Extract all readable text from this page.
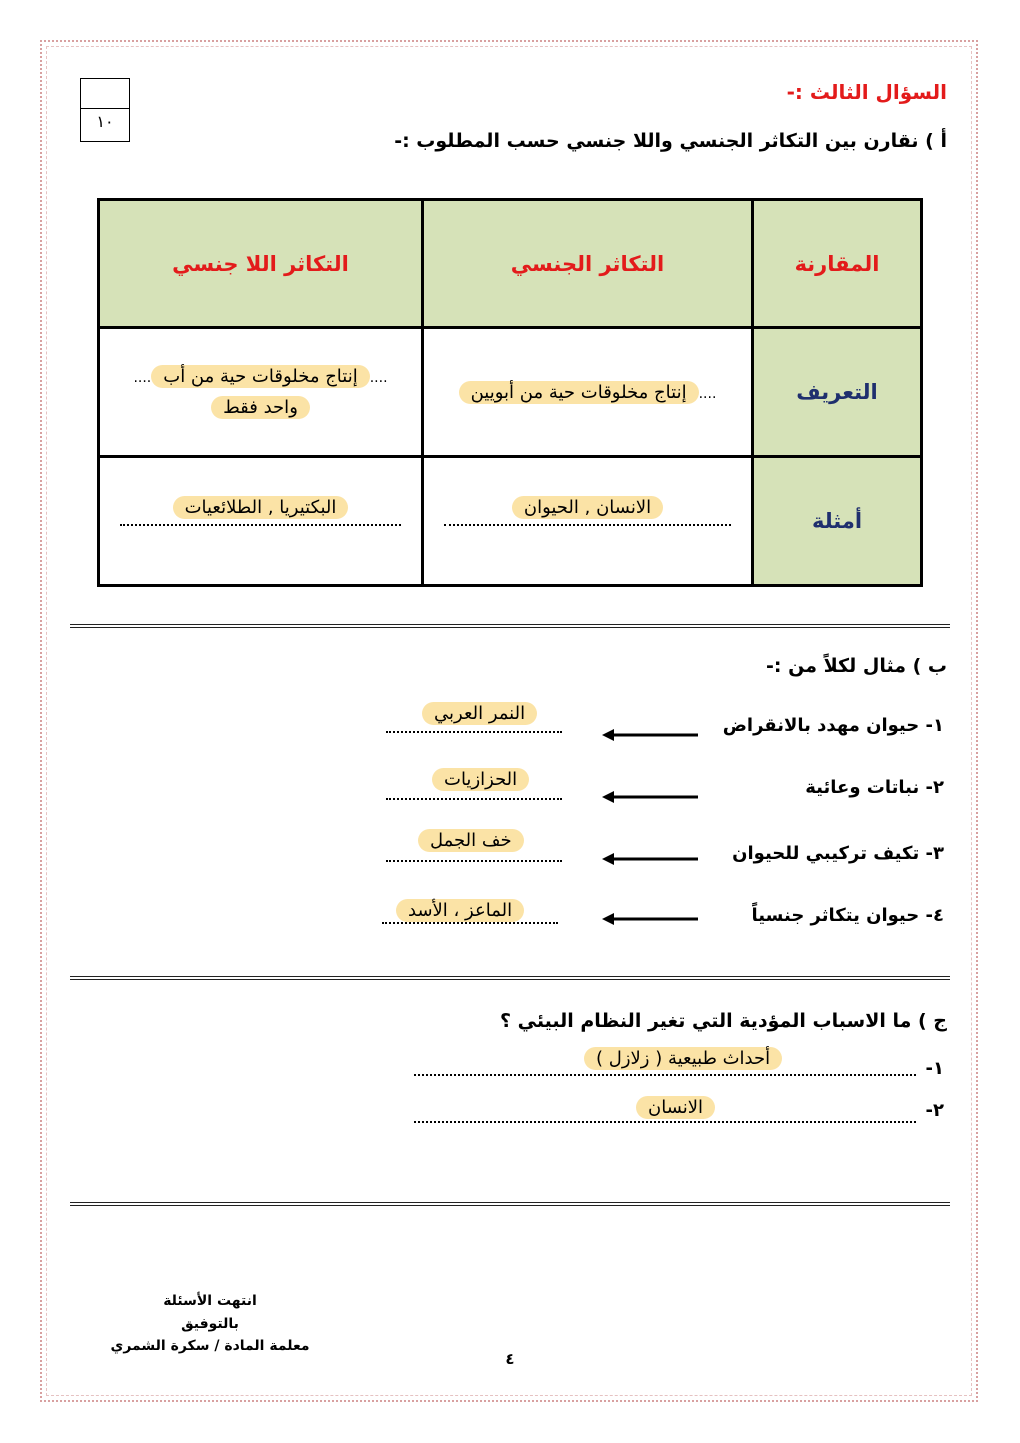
١٠
السؤال الثالث :-
أ ) نقارن بين التكاثر الجنسي واللا جنسي حسب المطلوب :-
المقارنة	التكاثر الجنسي	التكاثر اللا جنسي
التعريف	....إنتاج مخلوقات حية من أبويين	....إنتاج مخلوقات حية من أب....
واحد فقط

أمثلة	الانسان , الحيوان	البكتيريا , الطلائعيات
ب ) مثال لكلاً من :-
١- حيوان مهدد بالانقراض
النمر العربي
٢- نباتات وعائية
الحزازيات
٣- تكيف تركيبي للحيوان
خف الجمل
٤- حيوان يتكاثر جنسياً
الماعز ، الأسد
ج ) ما الاسباب المؤدية التي تغير النظام البيئي ؟
١-
أحداث طبيعية ( زلازل )
٢-
الانسان
انتهت الأسئلة
بالتوفيق
معلمة المادة / سكرة الشمري
٤
